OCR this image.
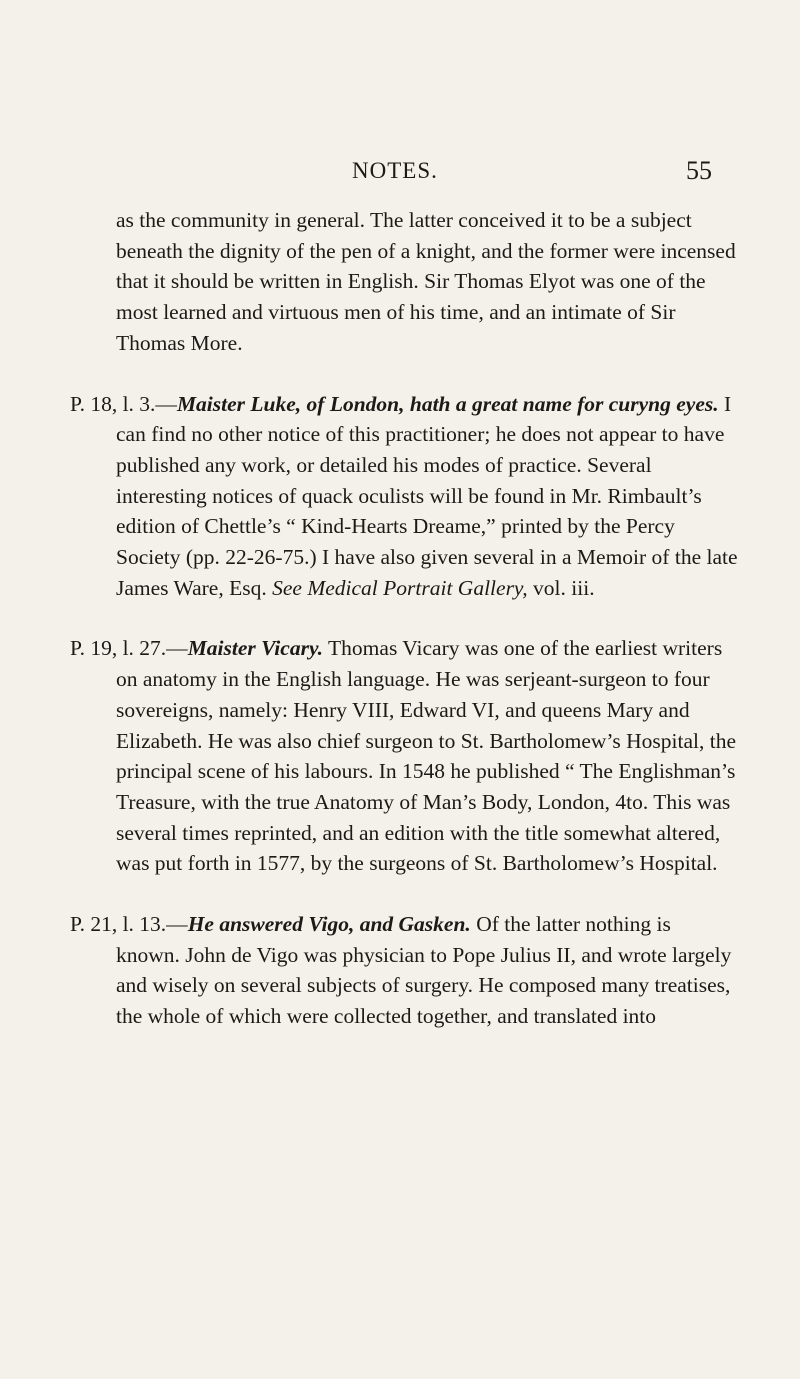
NOTES.	55

as the community in general. The latter conceived it to be a subject beneath the dignity of the pen of a knight, and the former were incensed that it should be written in English. Sir Thomas Elyot was one of the most learned and virtuous men of his time, and an intimate of Sir Thomas More.

P. 18, l. 3.—Maister Luke, of London, hath a great name for curyng eyes. I can find no other notice of this practitioner; he does not appear to have published any work, or detailed his modes of practice. Several interesting notices of quack oculists will be found in Mr. Rimbault’s edition of Chettle’s “ Kind-Hearts Dreame,” printed by the Percy Society (pp. 22-26-75.) I have also given several in a Memoir of the late James Ware, Esq. See Medical Portrait Gallery, vol. iii.

P. 19, l. 27.—Maister Vicary. Thomas Vicary was one of the earliest writers on anatomy in the English language. He was serjeant-surgeon to four sovereigns, namely: Henry VIII, Edward VI, and queens Mary and Elizabeth. He was also chief surgeon to St. Bartholomew’s Hospital, the principal scene of his labours. In 1548 he published “ The Englishman’s Treasure, with the true Anatomy of Man’s Body, London, 4to. This was several times reprinted, and an edition with the title somewhat altered, was put forth in 1577, by the surgeons of St. Bartholomew’s Hospital.

P. 21, l. 13.—He answered Vigo, and Gasken. Of the latter nothing is known. John de Vigo was physician to Pope Julius II, and wrote largely and wisely on several subjects of surgery. He composed many treatises, the whole of which were collected together, and translated into
